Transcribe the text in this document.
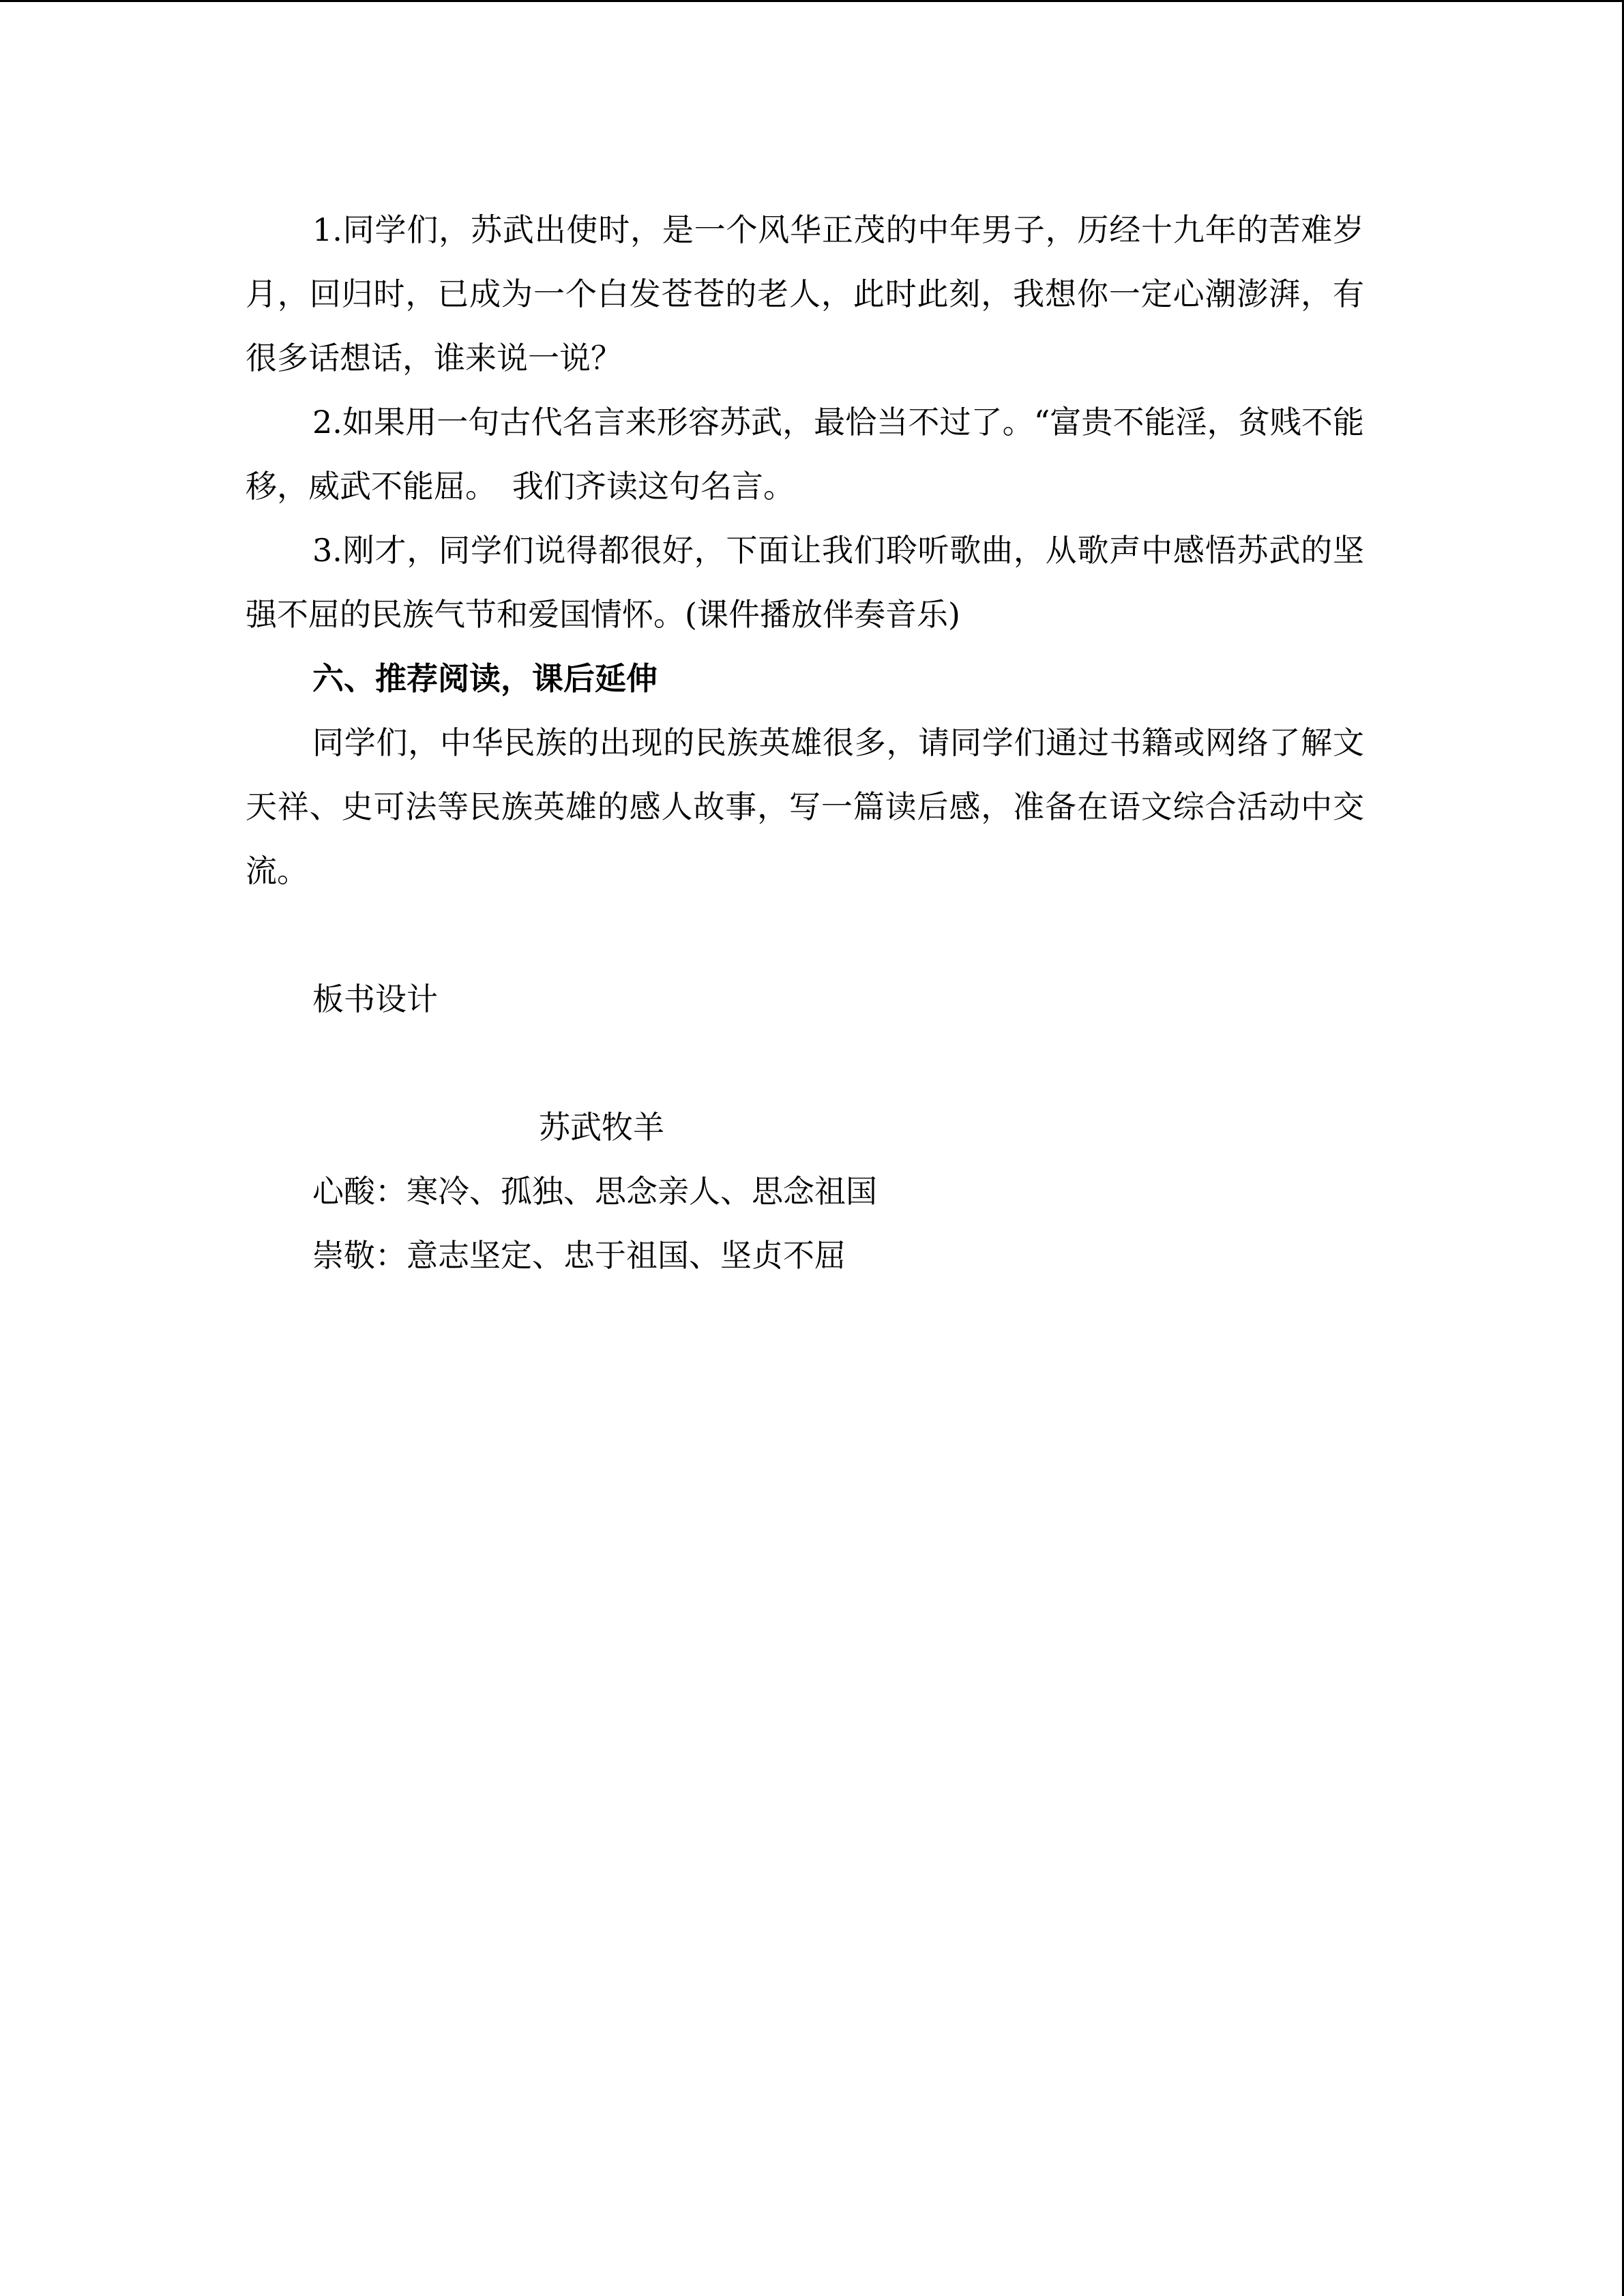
1.同学们，苏武出使时，是一个风华正茂的中年男子，历经十九年的苦难岁月，回归时，已成为一个白发苍苍的老人，此时此刻，我想你一定心潮澎湃，有很多话想话，谁来说一说？

2.如果用一句古代名言来形容苏武，最恰当不过了。“富贵不能淫，贫贱不能移，威武不能屈。　我们齐读这句名言。

3.刚才，同学们说得都很好，下面让我们聆听歌曲，从歌声中感悟苏武的坚强不屈的民族气节和爱国情怀。(课件播放伴奏音乐)

六、推荐阅读，课后延伸

同学们，中华民族的出现的民族英雄很多，请同学们通过书籍或网络了解文天祥、史可法等民族英雄的感人故事，写一篇读后感，准备在语文综合活动中交流。

板书设计

苏武牧羊

心酸：寒冷、孤独、思念亲人、思念祖国

崇敬：意志坚定、忠于祖国、坚贞不屈
